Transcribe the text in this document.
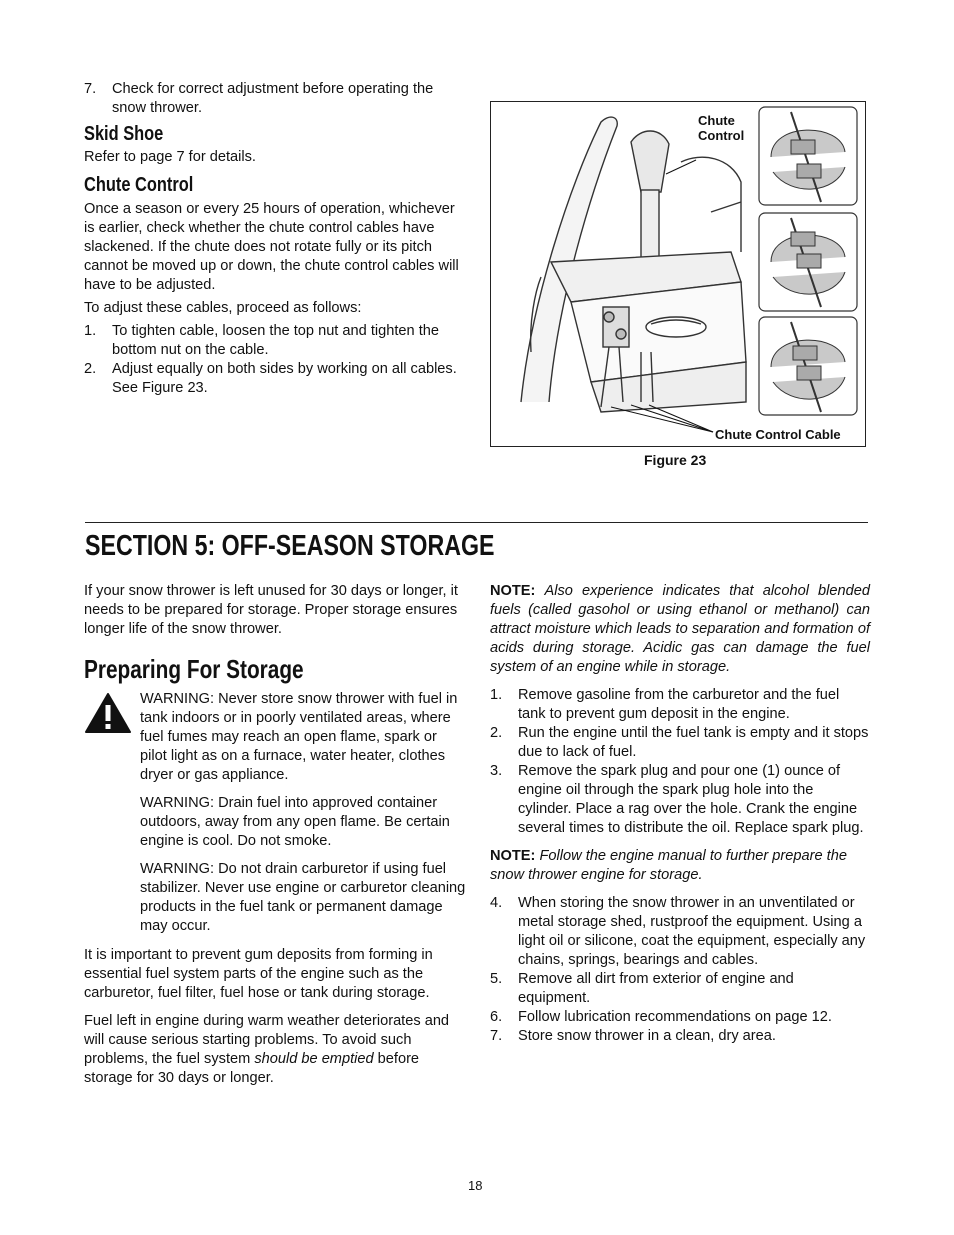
7. Check for correct adjustment before operating the snow thrower.
Skid Shoe

Refer to page 7 for details.

Chute Control

Once a season or every 25 hours of operation, whichever is earlier, check whether the chute control cables have slackened. If the chute does not rotate fully or its pitch cannot be moved up or down, the chute control cables will have to be adjusted.

To adjust these cables, proceed as follows:

1. To tighten cable, loosen the top nut and tighten the bottom nut on the cable.
2. Adjust equally on both sides by working on all cables. See Figure 23.
Chute
Control
Chute Control Cable
Figure 23
SECTION 5: OFF-SEASON STORAGE

If your snow thrower is left unused for 30 days or longer, it needs to be prepared for storage. Proper storage ensures longer life of the snow thrower.

Preparing For Storage

WARNING: Never store snow thrower with fuel in tank indoors or in poorly ventilated areas, where fuel fumes may reach an open flame, spark or pilot light as on a furnace, water heater, clothes dryer or gas appliance.

WARNING: Drain fuel into approved container outdoors, away from any open flame. Be certain engine is cool. Do not smoke.

WARNING: Do not drain carburetor if using fuel stabilizer. Never use engine or carburetor cleaning products in the fuel tank or permanent damage may occur.

It is important to prevent gum deposits from forming in essential fuel system parts of the engine such as the carburetor, fuel filter, fuel hose or tank during storage.

Fuel left in engine during warm weather deteriorates and will cause serious starting problems. To avoid such problems, the fuel system should be emptied before storage for 30 days or longer.

NOTE: Also experience indicates that alcohol blended fuels (called gasohol or using ethanol or methanol) can attract moisture which leads to separation and formation of acids during storage. Acidic gas can damage the fuel system of an engine while in storage.

1. Remove gasoline from the carburetor and the fuel tank to prevent gum deposit in the engine.
2. Run the engine until the fuel tank is empty and it stops due to lack of fuel.
3. Remove the spark plug and pour one (1) ounce of engine oil through the spark plug hole into the cylinder. Place a rag over the hole. Crank the engine several times to distribute the oil. Replace spark plug.

NOTE: Follow the engine manual to further prepare the snow thrower engine for storage.

4. When storing the snow thrower in an unventilated or metal storage shed, rustproof the equipment. Using a light oil or silicone, coat the equipment, especially any chains, springs, bearings and cables.
5. Remove all dirt from exterior of engine and equipment.
6. Follow lubrication recommendations on page 12.
7. Store snow thrower in a clean, dry area.
18
